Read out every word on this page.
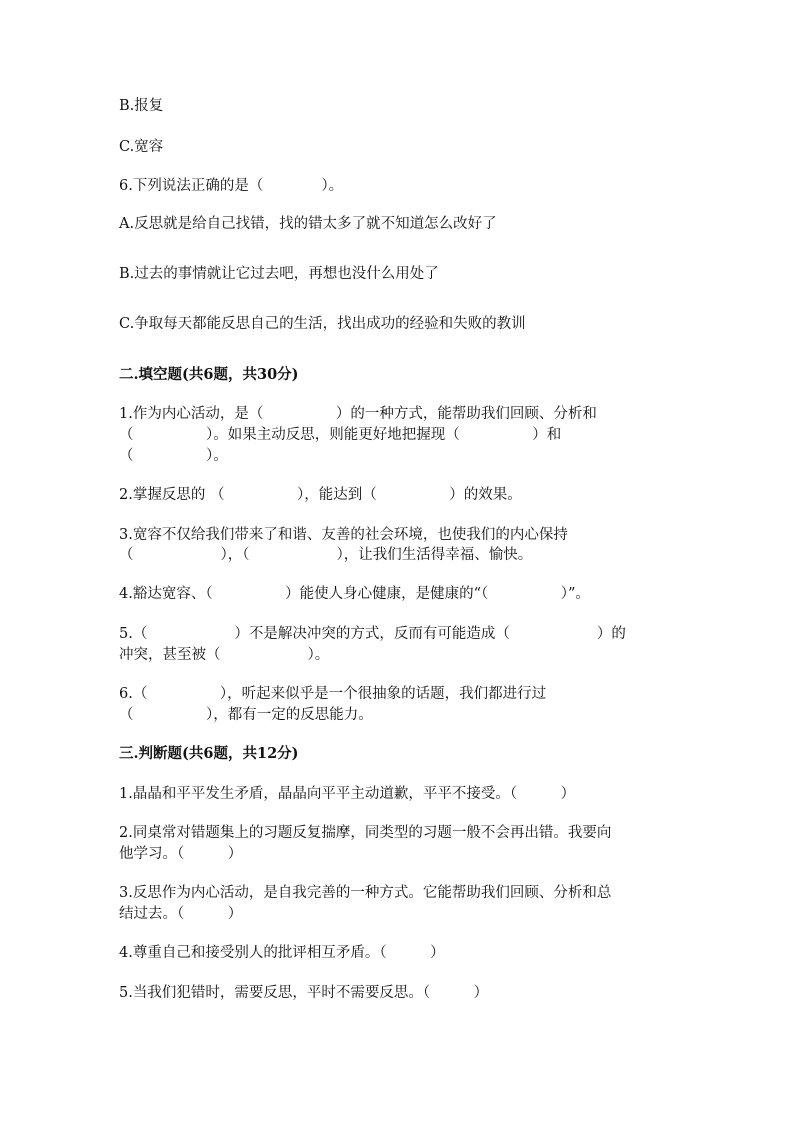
B.报复
C.宽容
6.下列说法正确的是（　　　　）。
A.反思就是给自己找错，找的错太多了就不知道怎么改好了
B.过去的事情就让它过去吧，再想也没什么用处了
C.争取每天都能反思自己的生活，找出成功的经验和失败的教训
二.填空题(共6题，共30分)
1.作为内心活动，是（　　　　　）的一种方式，能帮助我们回顾、分析和
（　　　　　）。如果主动反思，则能更好地把握现（　　　　　）和
（　　　　　）。
2.掌握反思的 （　　　　　），能达到（　　　　　）的效果。
3.宽容不仅给我们带来了和谐、友善的社会环境，也使我们的内心保持
（　　　　　　），（　　　　　　），让我们生活得幸福、愉快。
4.豁达宽容、（　　　　　）能使人身心健康，是健康的“（　　　　　）”。
5.（　　　　　　）不是解决冲突的方式，反而有可能造成（　　　　　　）的
冲突，甚至被（　　　　　　）。
6.（　　　　　），听起来似乎是一个很抽象的话题，我们都进行过
（　　　　　），都有一定的反思能力。
三.判断题(共6题，共12分)
1.晶晶和平平发生矛盾，晶晶向平平主动道歉，平平不接受。（　　　）
2.同桌常对错题集上的习题反复揣摩，同类型的习题一般不会再出错。我要向
他学习。（　　　）
3.反思作为内心活动，是自我完善的一种方式。它能帮助我们回顾、分析和总
结过去。（　　　）
4.尊重自己和接受别人的批评相互矛盾。（　　　）
5.当我们犯错时，需要反思，平时不需要反思。（　　　）
